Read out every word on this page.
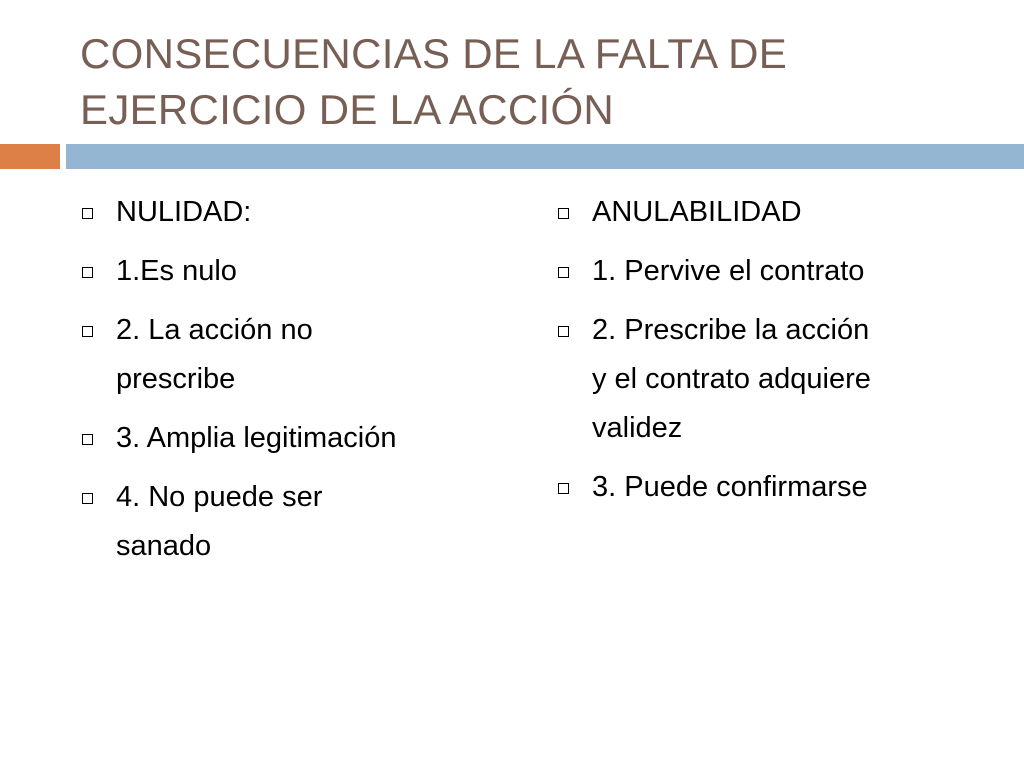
CONSECUENCIAS DE LA FALTA DE
EJERCICIO DE LA ACCIÓN
NULIDAD:
1.Es nulo
2. La acción no
prescribe
3. Amplia legitimación
4. No puede ser
sanado
ANULABILIDAD
1. Pervive el contrato
2. Prescribe la acción
y el contrato adquiere
validez
3. Puede confirmarse
